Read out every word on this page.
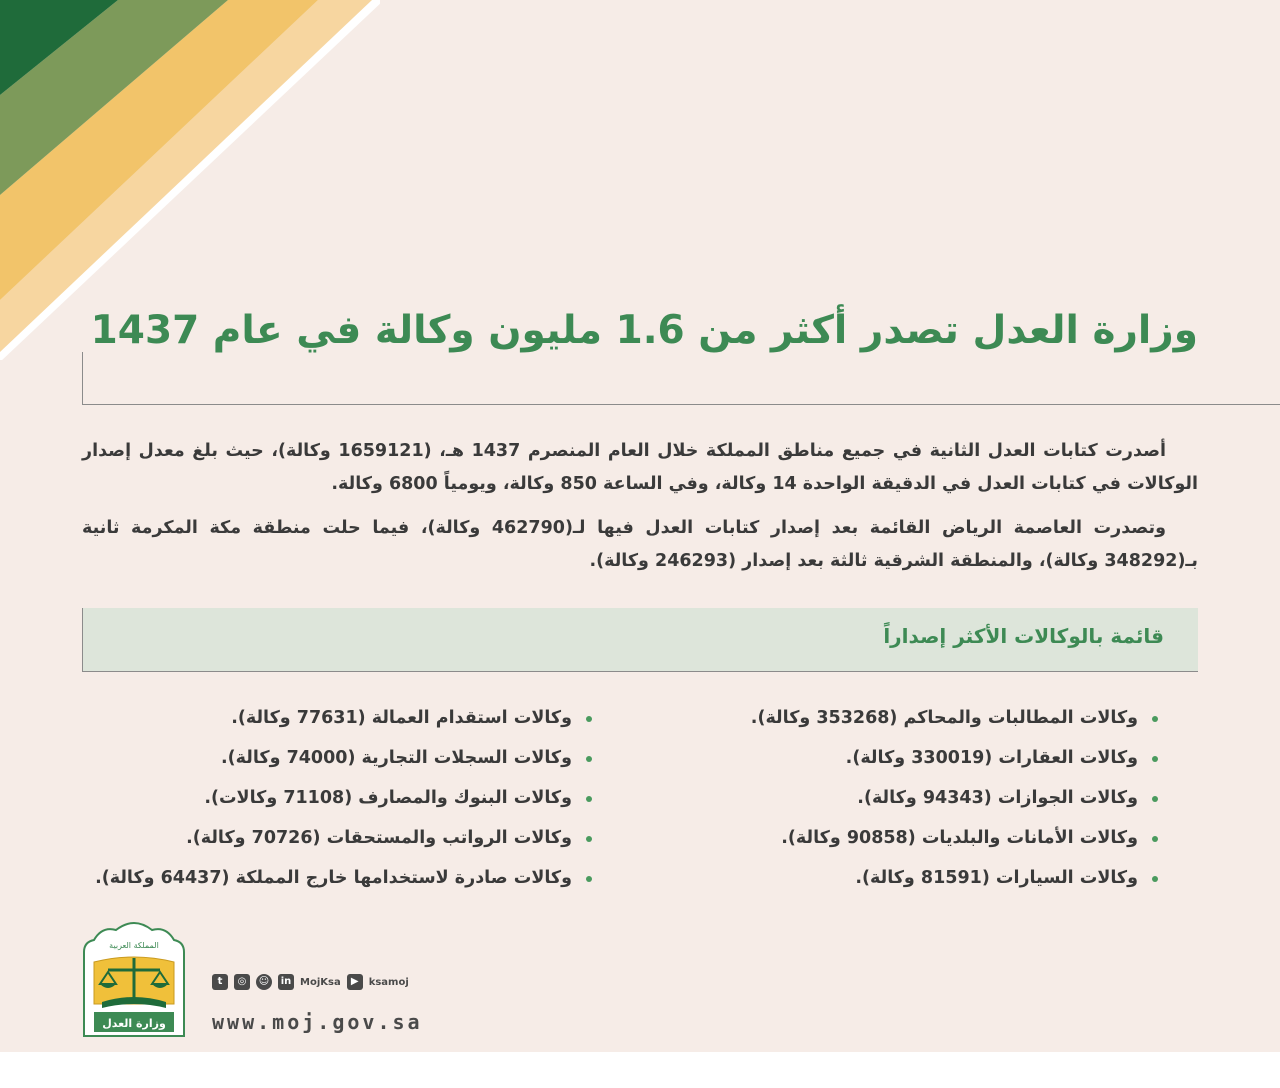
وزارة العدل تصدر أكثر من 1.6 مليون وكالة في عام 1437

أصدرت كتابات العدل الثانية في جميع مناطق المملكة خلال العام المنصرم 1437 هـ، (1659121 وكالة)، حيث بلغ معدل إصدار الوكالات في كتابات العدل في الدقيقة الواحدة 14 وكالة، وفي الساعة 850 وكالة، ويومياً 6800 وكالة.

وتصدرت العاصمة الرياض القائمة بعد إصدار كتابات العدل فيها لـ(462790 وكالة)، فيما حلت منطقة مكة المكرمة ثانية بـ(348292 وكالة)، والمنطقة الشرقية ثالثة بعد إصدار (246293 وكالة).

قائمة بالوكالات الأكثر إصداراً
وكالات المطالبات والمحاكم (353268 وكالة).
وكالات العقارات (330019 وكالة).
وكالات الجوازات (94343 وكالة).
وكالات الأمانات والبلديات (90858 وكالة).
وكالات السيارات (81591 وكالة).
وكالات استقدام العمالة (77631 وكالة).
وكالات السجلات التجارية (74000 وكالة).
وكالات البنوك والمصارف (71108 وكالات).
وكالات الرواتب والمستحقات (70726 وكالة).
وكالات صادرة لاستخدامها خارج المملكة (64437 وكالة).
المملكة العربية
وزارة العدل
t	◎	☺ in MojKsa	▶	ksamoj
www.moj.gov.sa
